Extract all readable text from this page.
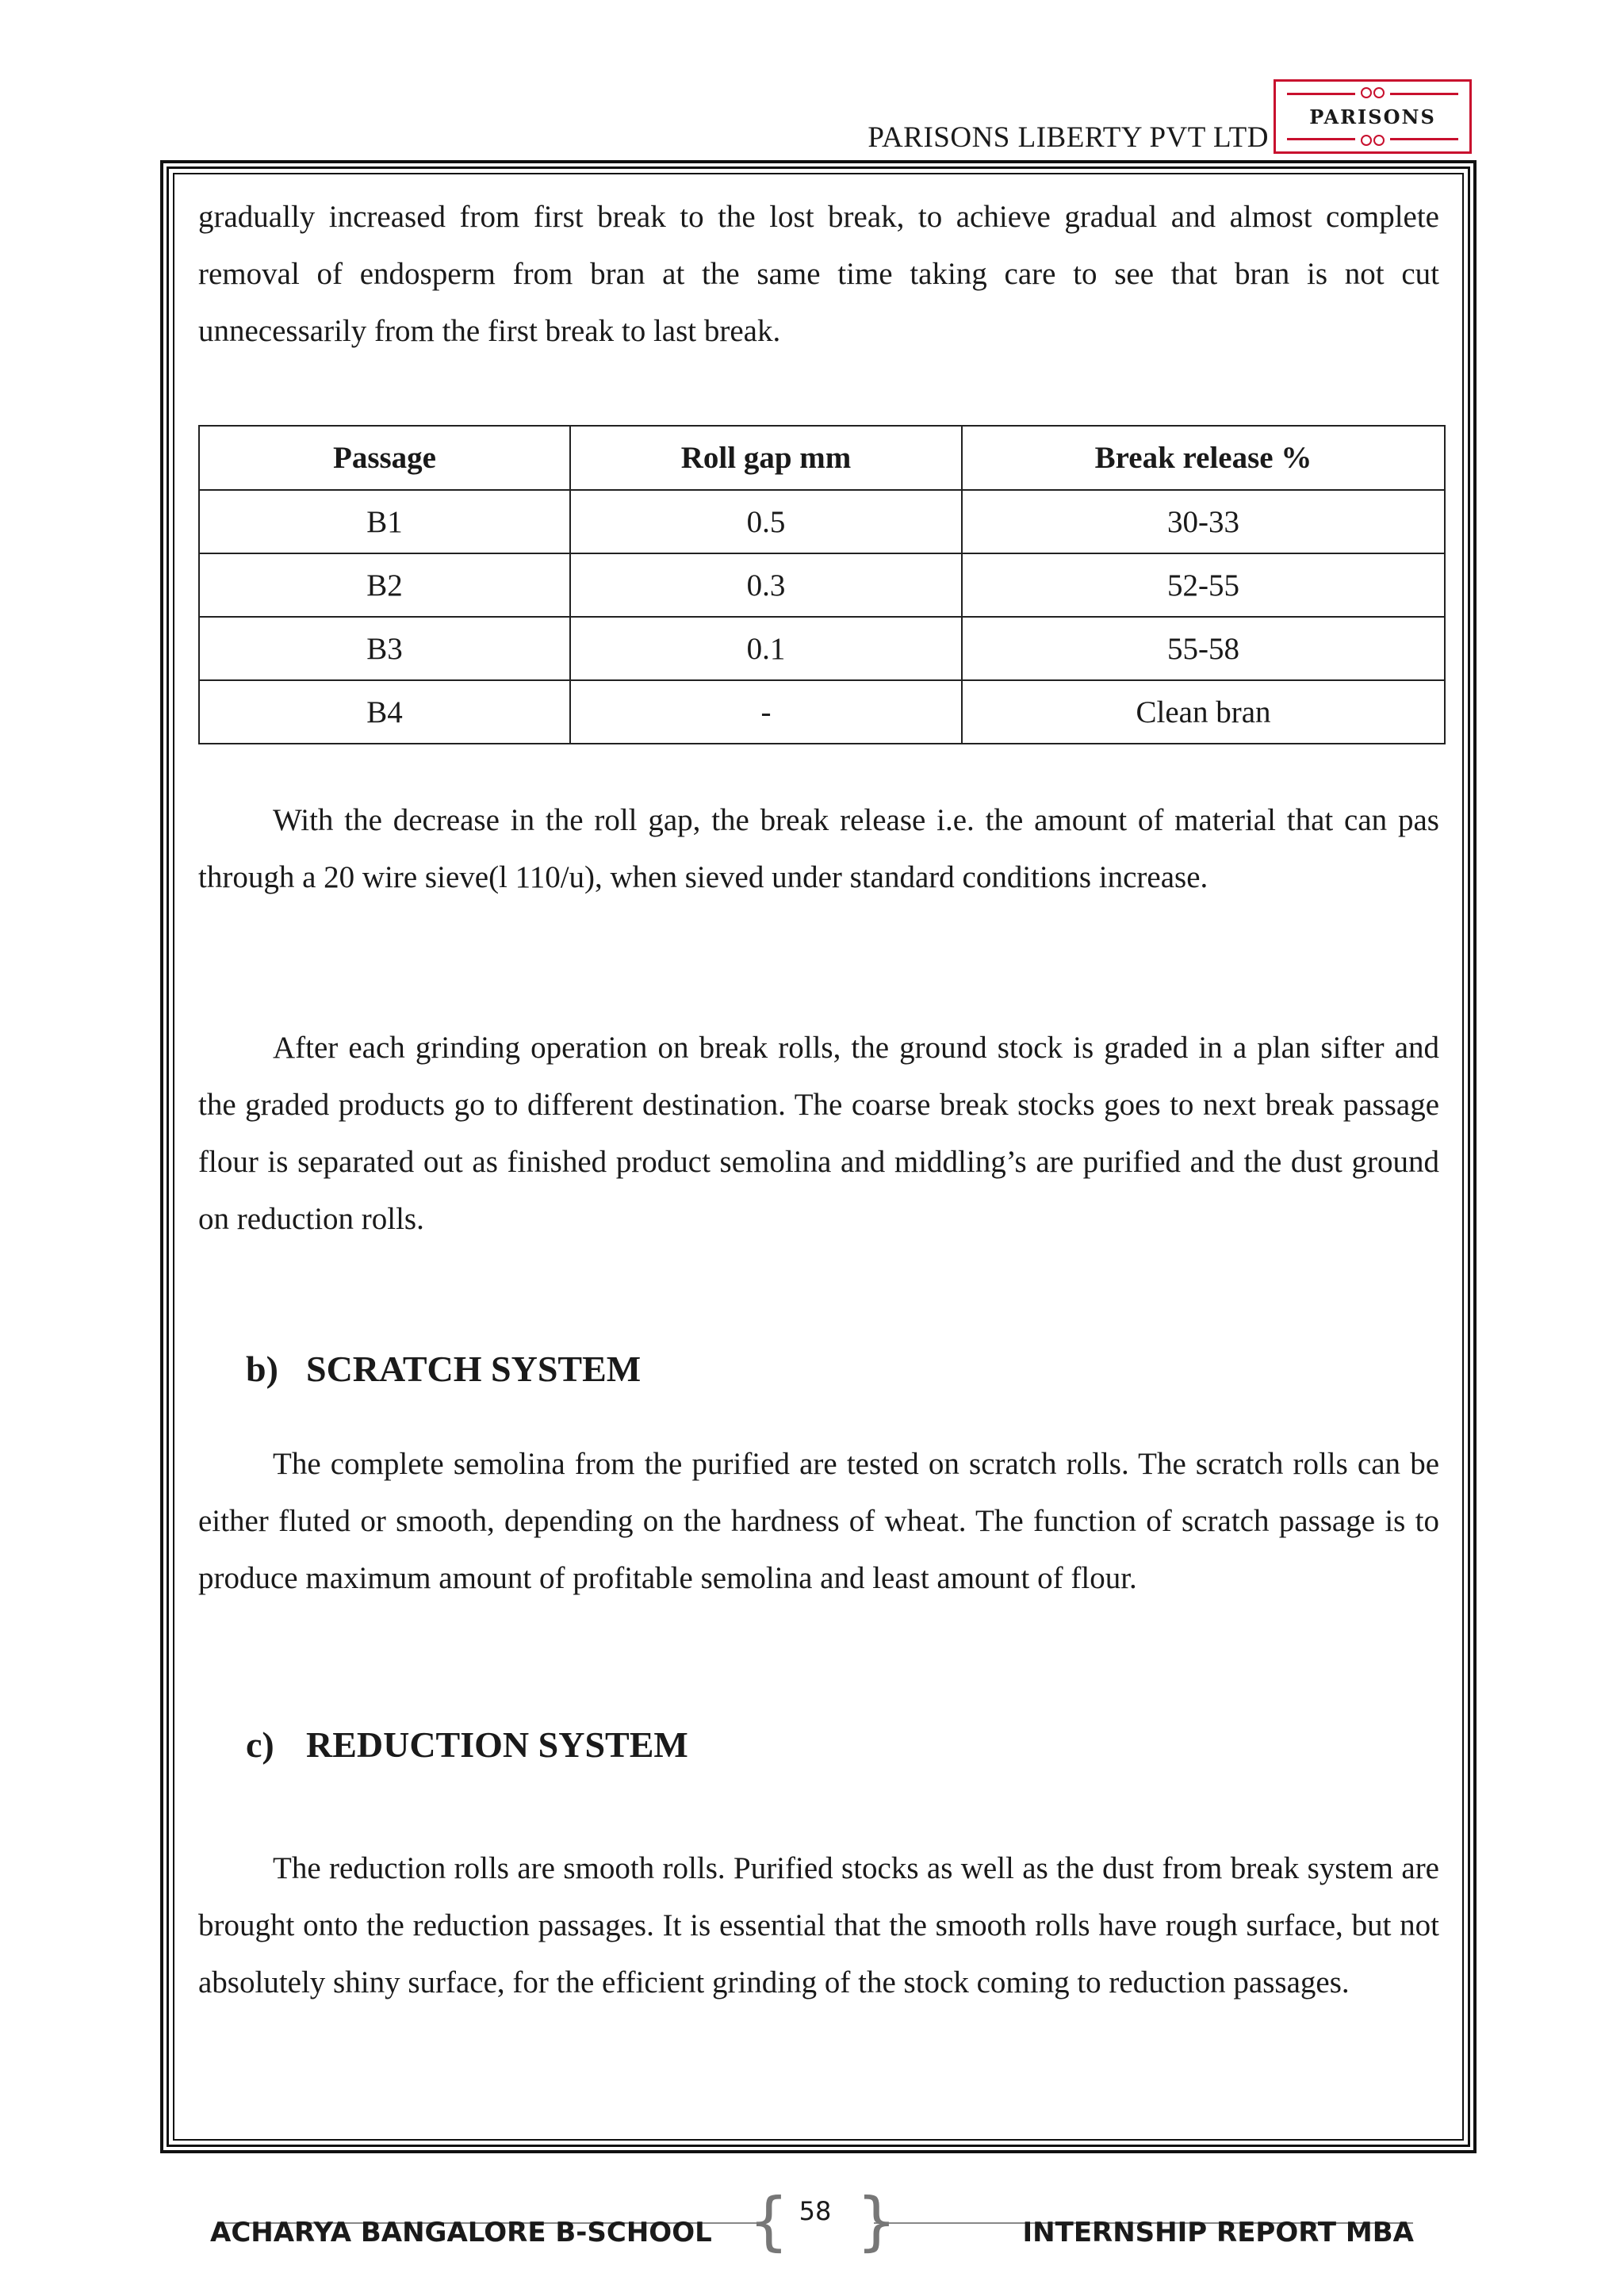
PARISONS LIBERTY PVT LTD
PARISONS

gradually increased from first break to the lost break, to achieve gradual and almost complete removal of endosperm from bran at the same time taking care to see that bran is not cut unnecessarily from the first break to last break.

Passage	Roll gap mm	Break release %
B1	0.5	30-33
B2	0.3	52-55
B3	0.1	55-58
B4	-	Clean bran

With the decrease in the roll gap, the break release i.e. the amount of material that can pas through a 20 wire sieve(l 110/u), when sieved under standard conditions increase.

After each grinding operation on break rolls, the ground stock is graded in a plan sifter and the graded products go to different destination. The coarse break stocks goes to next break passage flour is separated out as finished product semolina and middling’s are purified and the dust ground on reduction rolls.

b) SCRATCH SYSTEM

The complete semolina from the purified are tested on scratch rolls. The scratch rolls can be either fluted or smooth, depending on the hardness of wheat. The function of scratch passage is to produce maximum amount of profitable semolina and least amount of flour.

c) REDUCTION SYSTEM

The reduction rolls are smooth rolls. Purified stocks as well as the dust from break system are brought onto the reduction passages. It is essential that the smooth rolls have rough surface, but not absolutely shiny surface, for the efficient grinding of the stock coming to reduction passages.

{ }
58
ACHARYA BANGALORE B-SCHOOL	INTERNSHIP REPORT MBA
